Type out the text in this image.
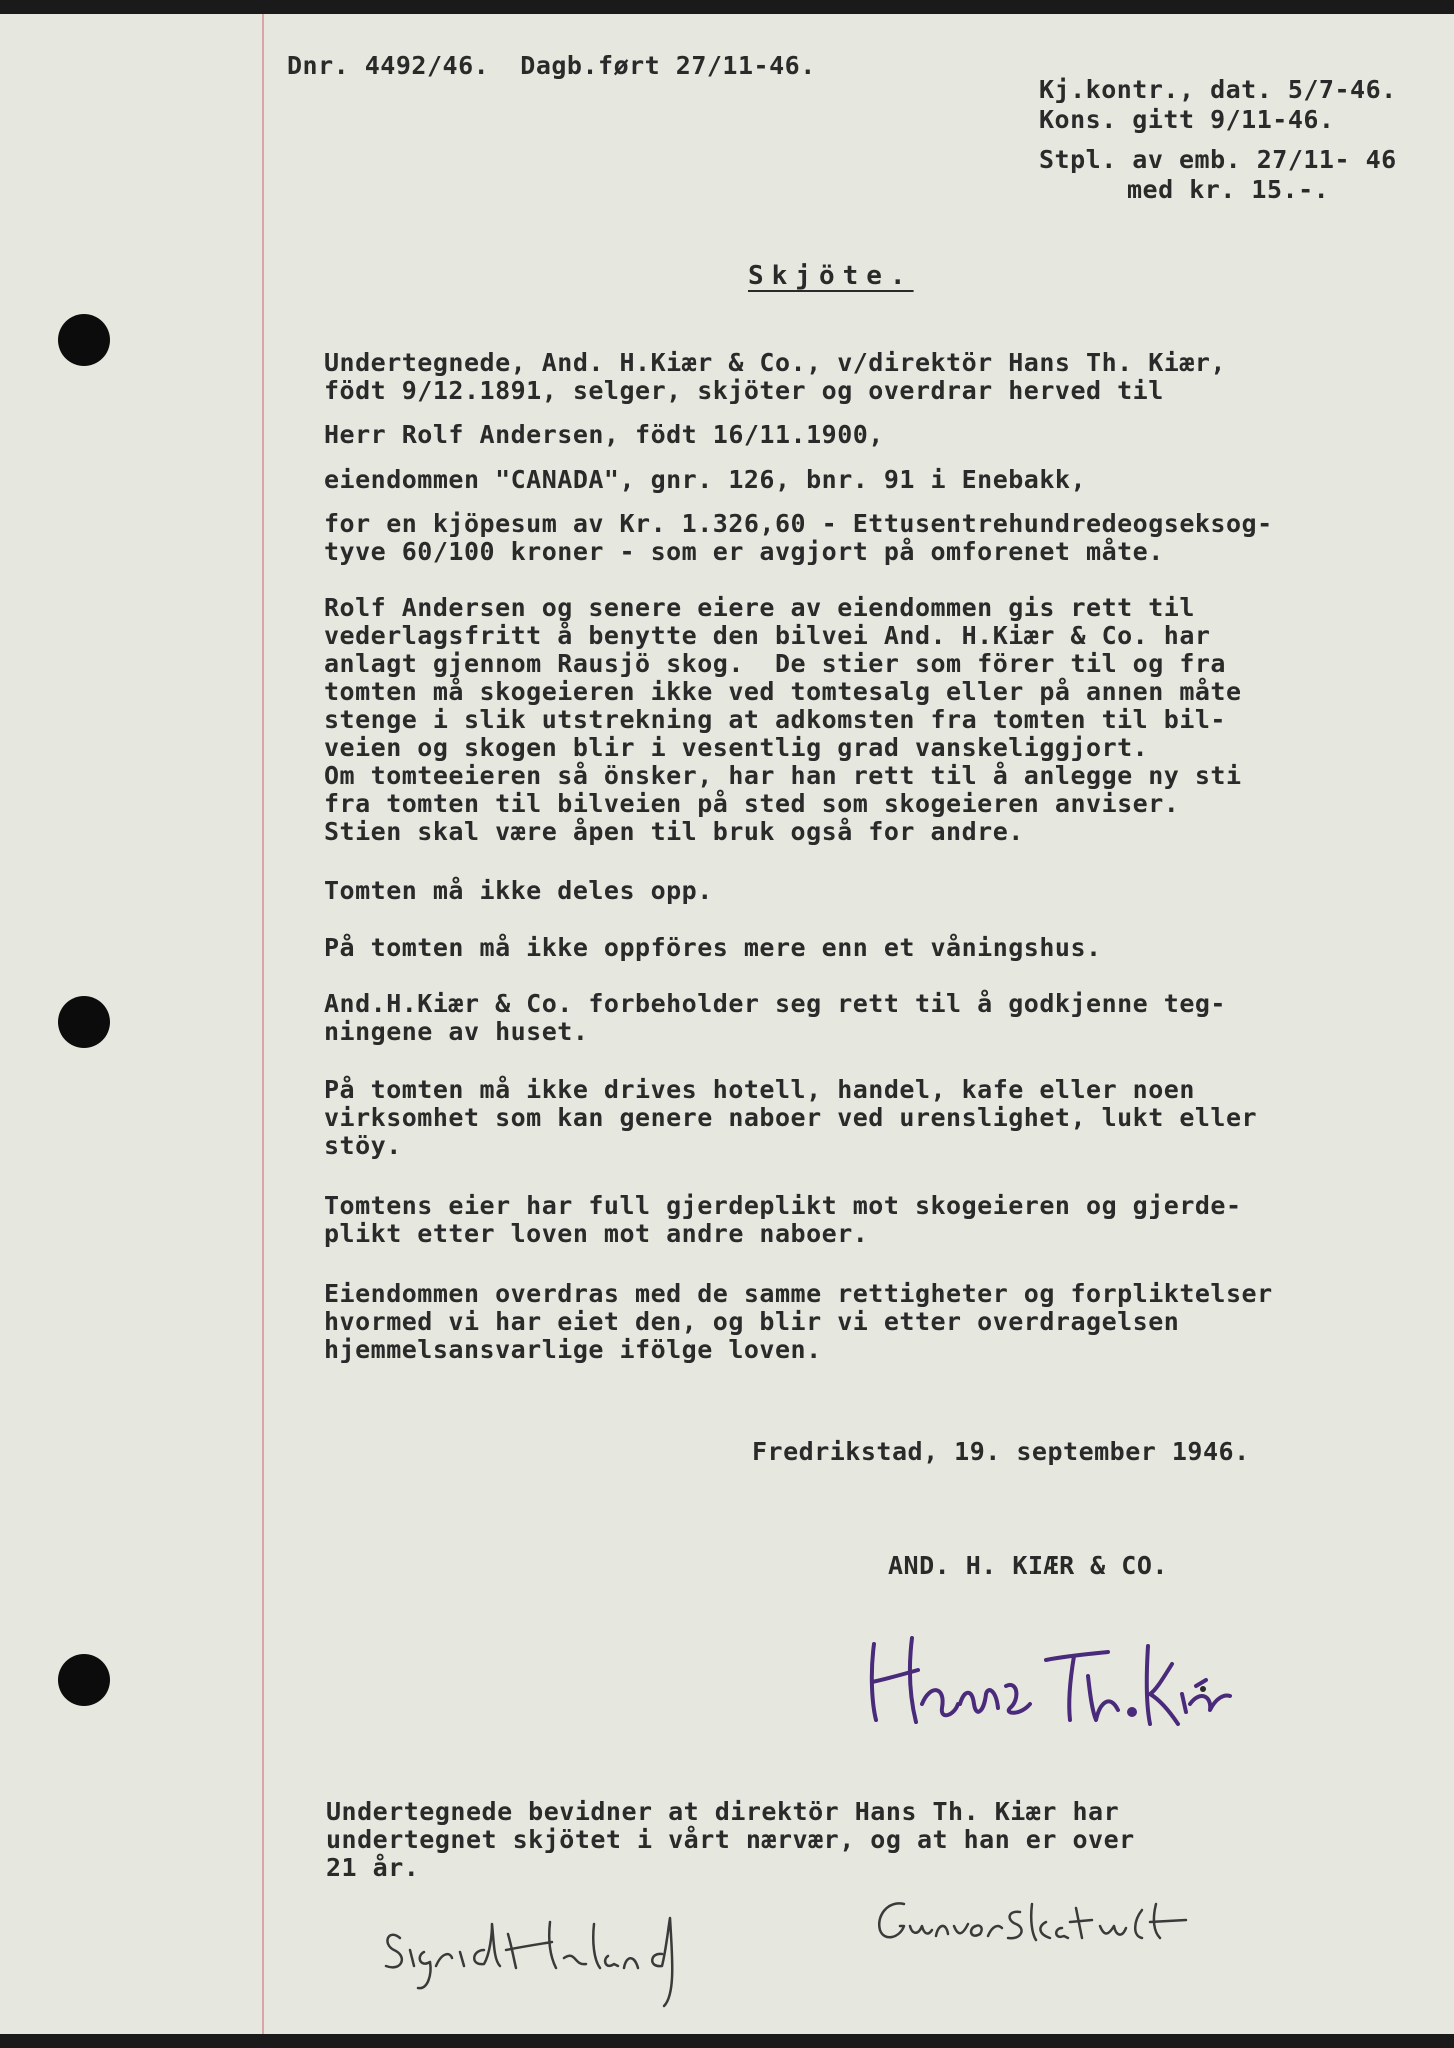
Dnr. 4492/46.  Dagb.ført 27/11-46.

Kj.kontr., dat. 5/7-46.

Kons. gitt 9/11-46.

Stpl. av emb. 27/11- 46

med kr. 15.-.

Skjöte.

Undertegnede, And. H.Kiær & Co., v/direktör Hans Th. Kiær,

födt 9/12.1891, selger, skjöter og overdrar herved til

Herr Rolf Andersen, födt 16/11.1900,

eiendommen "CANADA", gnr. 126, bnr. 91 i Enebakk,

for en kjöpesum av Kr. 1.326,60 - Ettusentrehundredeogseksog-

tyve 60/100 kroner - som er avgjort på omforenet måte.

Rolf Andersen og senere eiere av eiendommen gis rett til

vederlagsfritt å benytte den bilvei And. H.Kiær & Co. har

anlagt gjennom Rausjö skog.  De stier som förer til og fra

tomten må skogeieren ikke ved tomtesalg eller på annen måte

stenge i slik utstrekning at adkomsten fra tomten til bil-

veien og skogen blir i vesentlig grad vanskeliggjort.

Om tomteeieren så önsker, har han rett til å anlegge ny sti

fra tomten til bilveien på sted som skogeieren anviser.

Stien skal være åpen til bruk også for andre.

Tomten må ikke deles opp.

På tomten må ikke oppföres mere enn et våningshus.

And.H.Kiær & Co. forbeholder seg rett til å godkjenne teg-

ningene av huset.

På tomten må ikke drives hotell, handel, kafe eller noen

virksomhet som kan genere naboer ved urenslighet, lukt eller

stöy.

Tomtens eier har full gjerdeplikt mot skogeieren og gjerde-

plikt etter loven mot andre naboer.

Eiendommen overdras med de samme rettigheter og forpliktelser

hvormed vi har eiet den, og blir vi etter overdragelsen

hjemmelsansvarlige ifölge loven.

Fredrikstad, 19. september 1946.

AND. H. KIÆR & CO.

Hans Th. Kiær

Undertegnede bevidner at direktör Hans Th. Kiær har

undertegnet skjötet i vårt nærvær, og at han er over

21 år.

Sigrid Helland	Gunvor Skatvedt
